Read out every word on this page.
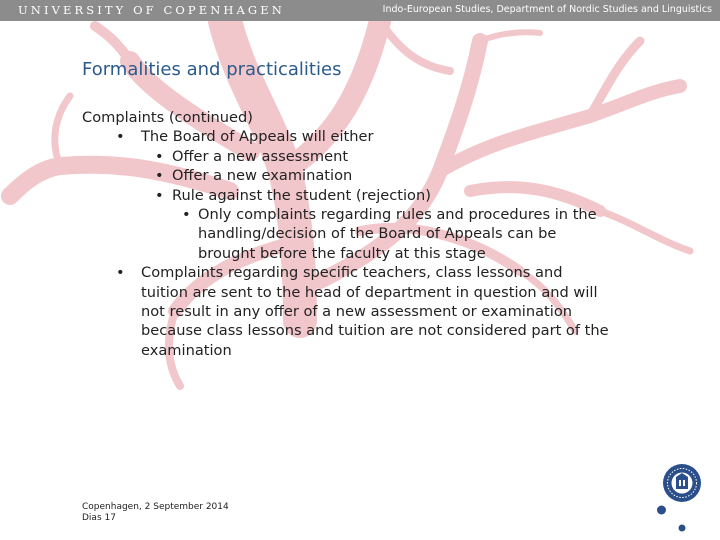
UNIVERSITY OF COPENHAGEN	Indo-European Studies, Department of Nordic Studies and Linguistics
Formalities and practicalities

Complaints (continued)

• The Board of Appeals will either
• Offer a new assessment
• Offer a new examination
• Rule against the student (rejection)
• Only complaints regarding rules and procedures in the handling/decision of the Board of Appeals can be brought before the faculty at this stage
• Complaints regarding specific teachers, class lessons and tuition are sent to the head of department in question and will not result in any offer of a new assessment or examination because class lessons and tuition are not considered part of the examination
Copenhagen, 2 September 2014
Dias 17
